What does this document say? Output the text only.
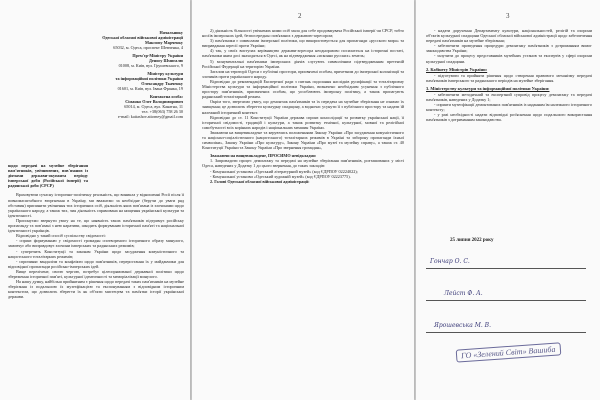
Начальнику
Одеської обласної військової адміністрації
Максиму Марченку
65032, м. Одеса, проспект Шевченка, 4

Прем'єр-Міністру України
Денису Шмигалю
01008, м. Київ, вул. Грушевського, 9

Міністру культури
та інформаційної політики України
Олександру Ткаченку
01601, м. Київ, вул. Івана Франка, 19

Контактна особа:
Сіманко Олег Володимирович
65014, м. Одеса, вул. Канатна, 11
тел. +38(063) 758 26 30
e-mail: kattashov.attorney@gmail.com

щодо передачі на музейне зберігання пам'ятників, увічнюючих, пов'язаних із діячами держави-окупанта періоду імперської доби (Російської імперії) та радянської доби (СРСР)

Враховуючи сучасну історично-політичну реальність, що виникла у відношенні Росії після її повномасштабного вторгнення в Україну, ми вважаємо за необхідне (беручи до уваги ряд обставин) припинити увічнення тих історичних осіб, діяльність яких пов'язана із злочинами щодо українського народу, а також тих, чия діяльність спрямована на нищення української культури та ідентичності.

Пропонуємо звернути увагу на те, що наявність таких пам'ятників підтримує російську пропаганду та пов'язані з нею наративи, шкодить формуванню історичної пам'яті та національної ідентичності українців.

Відповідно у такий спосіб суспільству свідомості:

- сприяє формуванню у свідомості громадян спотвореного історичного образу минулого, замовчує або виправдовує злочини імперських та радянських режимів;

- суперечить Конституції та законам України щодо засудження комуністичного та нацистського тоталітарних режимів;

- спричиняє вандалізм та конфлікти щодо пам'ятників, переростання їх у майданчики для відповідної пропаганди російсько-імперських ідей.

Вище перелічене, своєю чергою, потребує цілеспрямованої державної політики щодо збереження історичної пам'яті, культурної ідентичності та меморіалізації минулого.

На нашу думку, найбільш прийнятним є рішення щодо передачі таких пам'ятників на музейне зберігання із подальшою їх музеєфікацією та експонуванням з відповідним історичним контекстом, що дозволить зберегти їх як об'єкти мистецтва та пам'ятки історії української держави.

2

2) діяльність більшості увічнених ними осіб мала для себе продовжувача Російської імперії чи СРСР, тобто носіїв імперських ідей, безпосередньо пов'язаних з державою-агресором;

3) пам'ятники є символами імперської політики, що використовується для пропаганди «русского мира» та виправдання агресії проти України;

4) так, у своїх виступах керівництво держави-агресора неодноразово посилається на історичні постаті, пам'ятники яким досі знаходяться в Одесі, як на підтвердження «исконно русских» земель;

5) монументальні пам'ятники імперських діячів слугують символічним підтвердженням претензій Російської Федерації на територію України.

Загалом на території Одеси є публічні простори, присвячені особам, причетним до імперської колонізації та злочинів проти українського народу.

Відповідно до рекомендацій Експертної ради з питань подолання наслідків русифікації та тоталітаризму Міністерства культури та інформаційної політики України, визначено необхідним усунення з публічного простору пам'ятників, присвячених особам, що уособлюють імперську політику, а також пропагують радянський тоталітарний режим.

Окрім того, звертаємо увагу, що демонтаж пам'ятників та їх передача на музейне зберігання не означає їх знищення; це дозволить зберегти культурну спадщину, а водночас усунути її з публічного простору та надати їй належний історичний контекст.

Відповідно до ст. 11 Конституції України держава сприяє консолідації та розвитку української нації, її історичної свідомості, традицій і культури, а також розвитку етнічної, культурної, мовної та релігійної самобутності всіх корінних народів і національних меншин України.

Зважаючи на вищевикладене та керуючись положеннями Закону України «Про засудження комуністичного та націонал-соціалістичного (нацистського) тоталітарних режимів в Україні та заборону пропаганди їхньої символіки», Закону України «Про культуру», Закону України «Про музеї та музейну справу», а також ст. 40 Конституції України та Закону України «Про звернення громадян»,

Зважаючи на вищевикладене, ПРОСИМО невідкладно:

1. Запровадити процес демонтажу та передачі на музейне зберігання пам'ятників, розташованих у місті Одеса, наведених у Додатку 1 до цього звернення, до таких закладів:

- Комунальної установи «Одеський літературний музей» (код ЄДРПОУ 02224022);

- Комунальної установи «Одеський художній музей» (код ЄДРПОУ 02223775).

2. Голові Одеської обласної військової адміністрації:

3

- надати доручення Департаменту культури, національностей, релігій та охорони об'єктів культурної спадщини Одеської обласної військової адміністрації щодо забезпечення передачі пам'ятників на музейне зберігання;

- забезпечити проведення процедури демонтажу пам'ятників з дотриманням вимог законодавства України;

- залучити до процесу представників музейних установ та експертів у сфері охорони культурної спадщини.

2. Кабінету Міністрів України:

- підготувати та прийняти рішення щодо створення правового механізму передачі пам'ятників імперського та радянського періодів на музейне зберігання.

3. Міністерству культури та інформаційної політики України:

- забезпечити методичний та експертний супровід процесу демонтажу та передачі пам'ятників, наведених у Додатку 1;

- сприяти музеєфікації демонтованих пам'ятників із наданням їм належного історичного контексту;

- у разі необхідності надати відповідні роз'яснення щодо подальшого використання пам'ятників з дотриманням законодавства.

25 липня 2022 року
Гончар О. С.
Лейст Ф. А.
Ярошевська М. В.
ГО «Зелений Світ» Вашиба
